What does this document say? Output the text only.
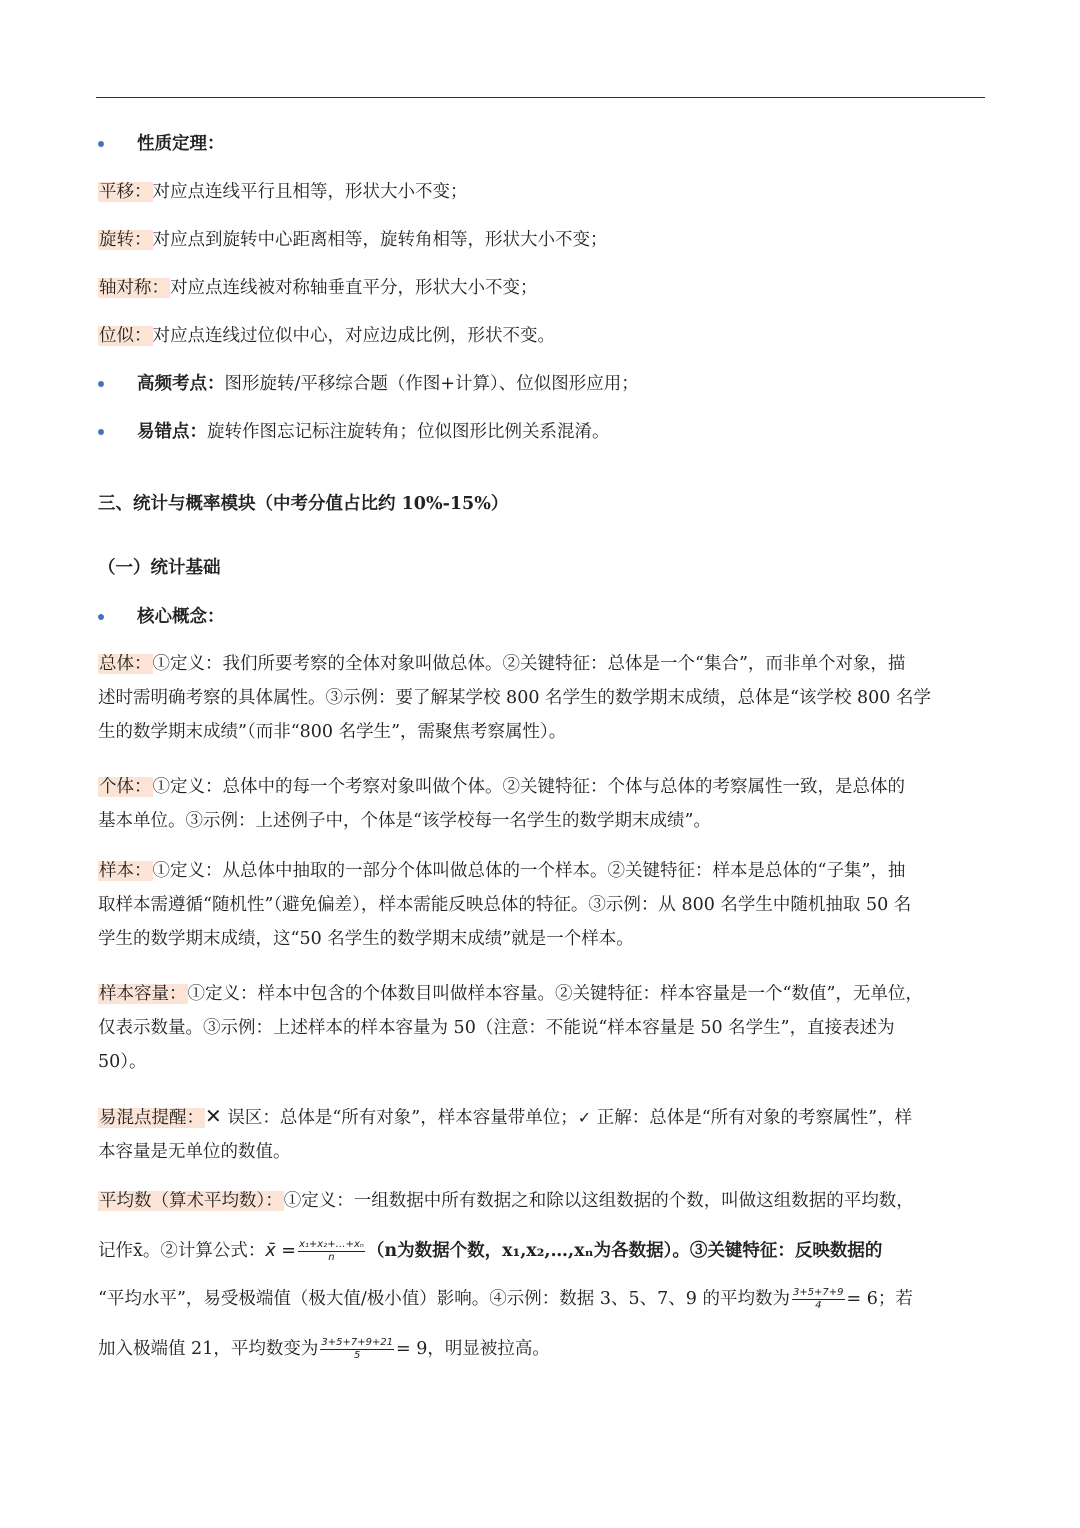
性质定理：
平移：对应点连线平行且相等，形状大小不变；
旋转：对应点到旋转中心距离相等，旋转角相等，形状大小不变；
轴对称：对应点连线被对称轴垂直平分，形状大小不变；
位似：对应点连线过位似中心，对应边成比例，形状不变。
高频考点：图形旋转/平移综合题（作图+计算）、位似图形应用；
易错点：旋转作图忘记标注旋转角；位似图形比例关系混淆。
三、统计与概率模块（中考分值占比约 10%-15%）
（一）统计基础
核心概念：
总体：①定义：我们所要考察的全体对象叫做总体。②关键特征：总体是一个“集合”，而非单个对象，描
述时需明确考察的具体属性。③示例：要了解某学校 800 名学生的数学期末成绩，总体是“该学校 800 名学
生的数学期末成绩”（而非“800 名学生”，需聚焦考察属性）。
个体：①定义：总体中的每一个考察对象叫做个体。②关键特征：个体与总体的考察属性一致，是总体的
基本单位。③示例：上述例子中，个体是“该学校每一名学生的数学期末成绩”。
样本：①定义：从总体中抽取的一部分个体叫做总体的一个样本。②关键特征：样本是总体的“子集”，抽
取样本需遵循“随机性”（避免偏差），样本需能反映总体的特征。③示例：从 800 名学生中随机抽取 50 名
学生的数学期末成绩，这“50 名学生的数学期末成绩”就是一个样本。
样本容量：①定义：样本中包含的个体数目叫做样本容量。②关键特征：样本容量是一个“数值”，无单位，
仅表示数量。③示例：上述样本的样本容量为 50（注意：不能说“样本容量是 50 名学生”，直接表述为
50）。
易混点提醒：✕ 误区：总体是“所有对象”，样本容量带单位；✓ 正解：总体是“所有对象的考察属性”，样
本容量是无单位的数值。
平均数（算术平均数）：①定义：一组数据中所有数据之和除以这组数据的个数，叫做这组数据的平均数，
记作x̄。②计算公式：x̄ = $\frac{\text{x₁+x₂+…+xₙ}}{n} (n$为数据个数，x₁,x₂,…,xₙ为各数据）。③关键特征：反映数据的
“平均水平”，易受极端值（极大值/极小值）影响。④示例：数据 3、5、7、9 的平均数为 $\frac{3+5+7+9}{4} = 6$；若
加入极端值 21，平均数变为 $\frac{3+5+7+9+21}{5} = 9$，明显被拉高。
